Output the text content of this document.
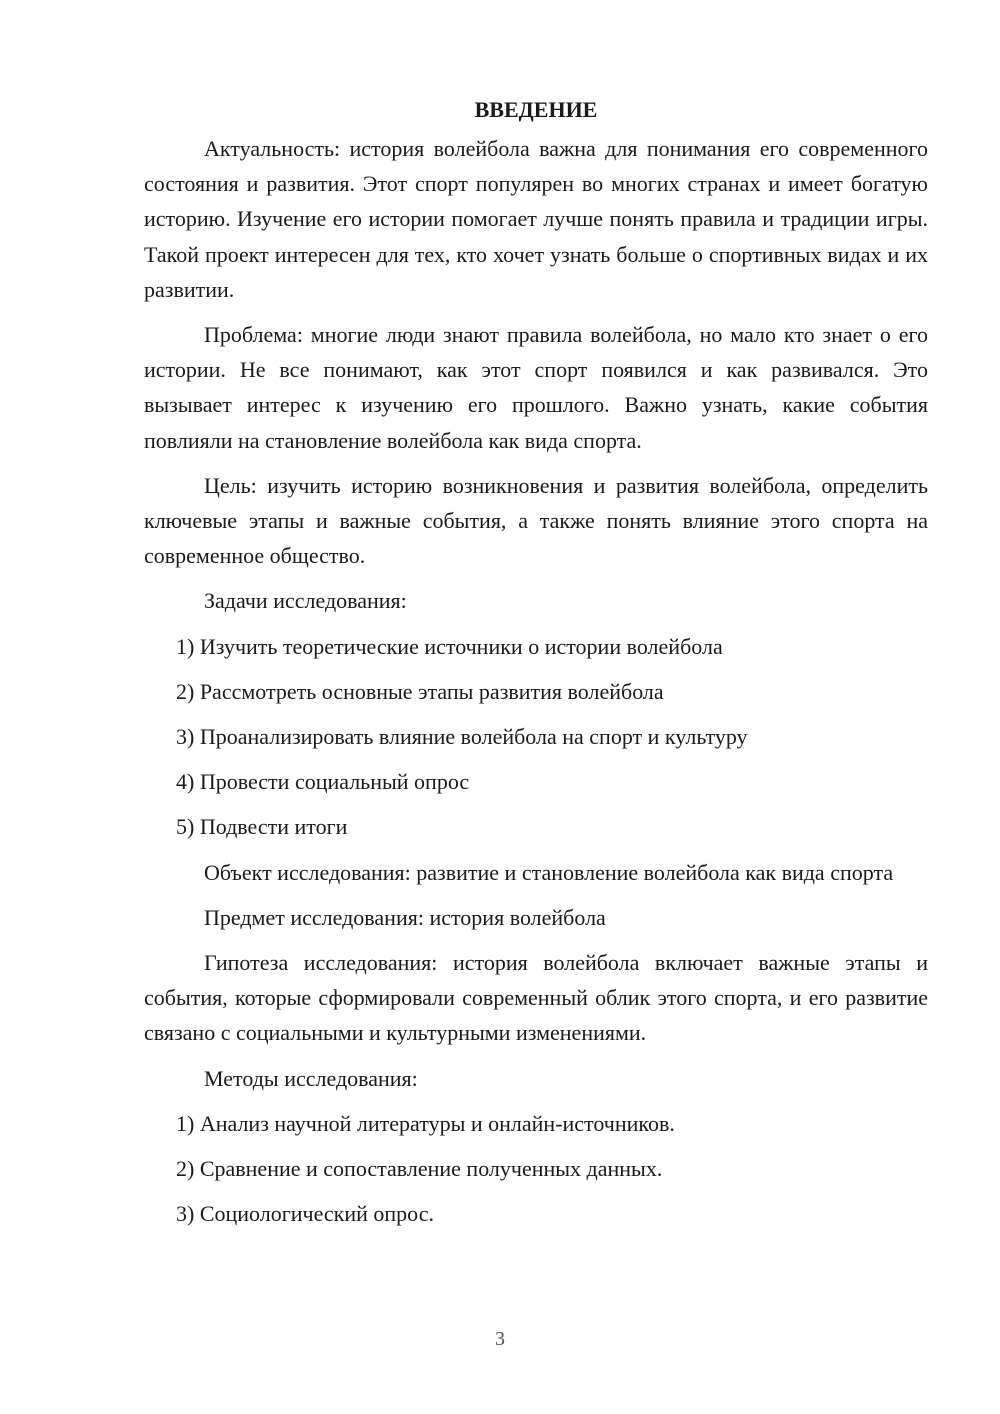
ВВЕДЕНИЕ

Актуальность: история волейбола важна для понимания его современного состояния и развития. Этот спорт популярен во многих странах и имеет богатую историю. Изучение его истории помогает лучше понять правила и традиции игры. Такой проект интересен для тех, кто хочет узнать больше о спортивных видах и их развитии.

Проблема: многие люди знают правила волейбола, но мало кто знает о его истории. Не все понимают, как этот спорт появился и как развивался. Это вызывает интерес к изучению его прошлого. Важно узнать, какие события повлияли на становление волейбола как вида спорта.

Цель: изучить историю возникновения и развития волейбола, определить ключевые этапы и важные события, а также понять влияние этого спорта на современное общество.

Задачи исследования:

1) Изучить теоретические источники о истории волейбола
2) Рассмотреть основные этапы развития волейбола
3) Проанализировать влияние волейбола на спорт и культуру
4) Провести социальный опрос
5) Подвести итоги

Объект исследования: развитие и становление волейбола как вида спорта

Предмет исследования: история волейбола

Гипотеза исследования: история волейбола включает важные этапы и события, которые сформировали современный облик этого спорта, и его развитие связано с социальными и культурными изменениями.

Методы исследования:

1) Анализ научной литературы и онлайн-источников.
2) Сравнение и сопоставление полученных данных.
3) Социологический опрос.
3
